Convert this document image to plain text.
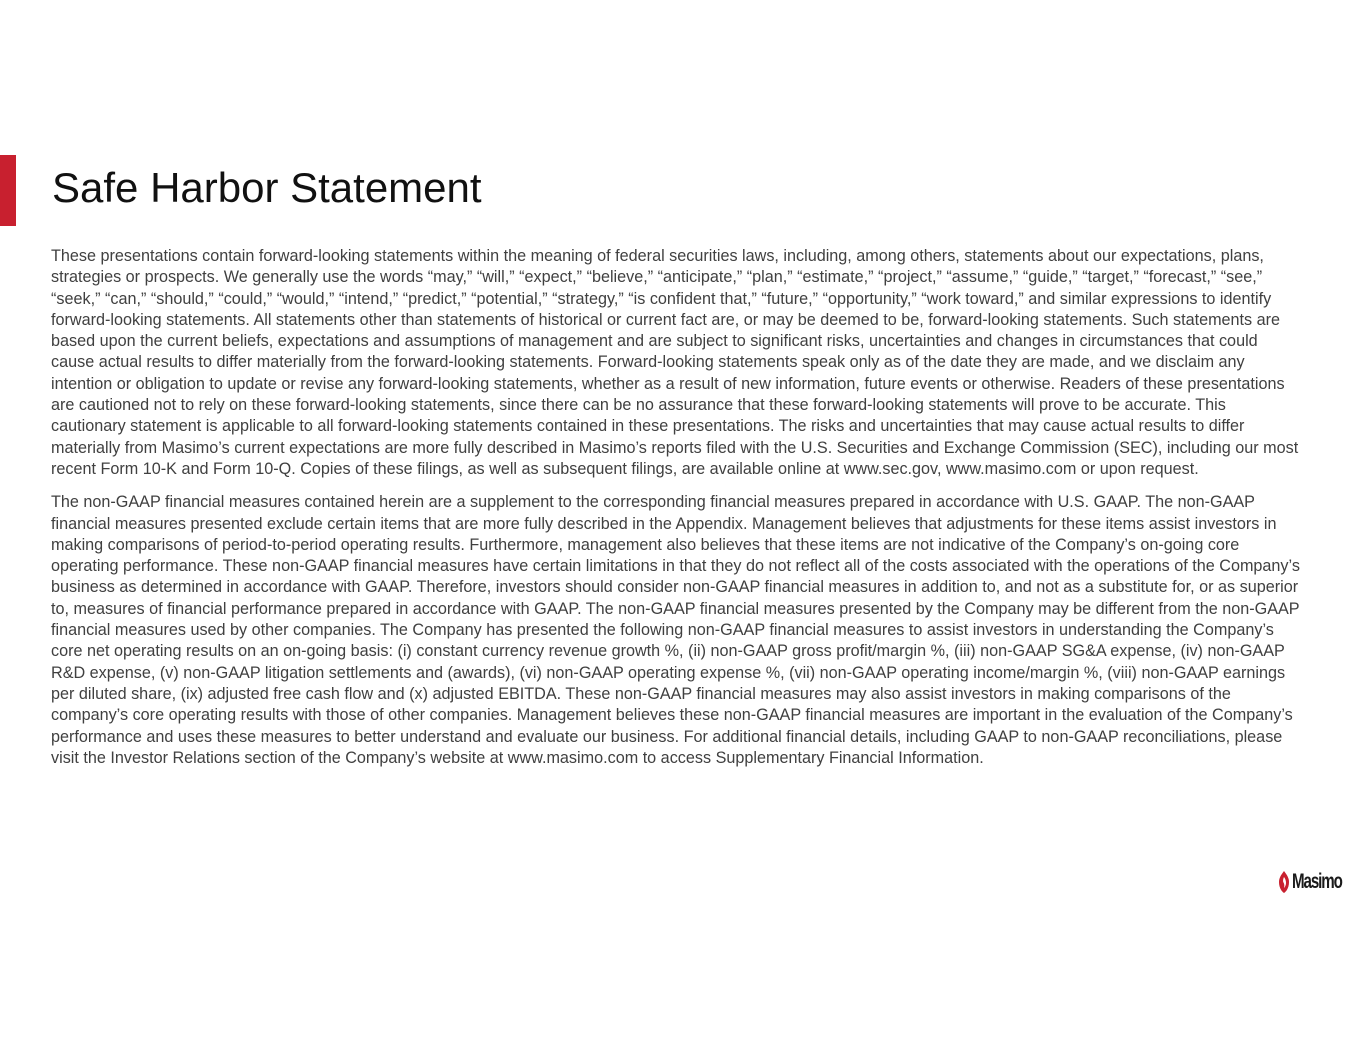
Safe Harbor Statement

These presentations contain forward-looking statements within the meaning of federal securities laws, including, among others, statements about our expectations, plans, strategies or prospects. We generally use the words “may,” “will,” “expect,” “believe,” “anticipate,” “plan,” “estimate,” “project,” “assume,” “guide,” “target,” “forecast,” “see,” “seek,” “can,” “should,” “could,” “would,” “intend,” “predict,” “potential,” “strategy,” “is confident that,” “future,” “opportunity,” “work toward,” and similar expressions to identify forward-looking statements. All statements other than statements of historical or current fact are, or may be deemed to be, forward-looking statements. Such statements are based upon the current beliefs, expectations and assumptions of management and are subject to significant risks, uncertainties and changes in circumstances that could cause actual results to differ materially from the forward-looking statements. Forward-looking statements speak only as of the date they are made, and we disclaim any intention or obligation to update or revise any forward-looking statements, whether as a result of new information, future events or otherwise. Readers of these presentations are cautioned not to rely on these forward-looking statements, since there can be no assurance that these forward-looking statements will prove to be accurate. This cautionary statement is applicable to all forward-looking statements contained in these presentations. The risks and uncertainties that may cause actual results to differ materially from Masimo’s current expectations are more fully described in Masimo’s reports filed with the U.S. Securities and Exchange Commission (SEC), including our most recent Form 10-K and Form 10-Q. Copies of these filings, as well as subsequent filings, are available online at www.sec.gov, www.masimo.com or upon request.

The non-GAAP financial measures contained herein are a supplement to the corresponding financial measures prepared in accordance with U.S. GAAP. The non-GAAP financial measures presented exclude certain items that are more fully described in the Appendix. Management believes that adjustments for these items assist investors in making comparisons of period-to-period operating results. Furthermore, management also believes that these items are not indicative of the Company’s on-going core operating performance. These non-GAAP financial measures have certain limitations in that they do not reflect all of the costs associated with the operations of the Company’s business as determined in accordance with GAAP. Therefore, investors should consider non-GAAP financial measures in addition to, and not as a substitute for, or as superior to, measures of financial performance prepared in accordance with GAAP. The non-GAAP financial measures presented by the Company may be different from the non-GAAP financial measures used by other companies. The Company has presented the following non-GAAP financial measures to assist investors in understanding the Company’s core net operating results on an on-going basis: (i) constant currency revenue growth %, (ii) non-GAAP gross profit/margin %, (iii) non-GAAP SG&A expense, (iv) non-GAAP R&D expense, (v) non-GAAP litigation settlements and (awards), (vi) non-GAAP operating expense %, (vii) non-GAAP operating income/margin %, (viii) non-GAAP earnings per diluted share, (ix) adjusted free cash flow and (x) adjusted EBITDA. These non-GAAP financial measures may also assist investors in making comparisons of the company’s core operating results with those of other companies. Management believes these non-GAAP financial measures are important in the evaluation of the Company’s performance and uses these measures to better understand and evaluate our business. For additional financial details, including GAAP to non-GAAP reconciliations, please visit the Investor Relations section of the Company’s website at www.masimo.com to access Supplementary Financial Information.

Masimo
